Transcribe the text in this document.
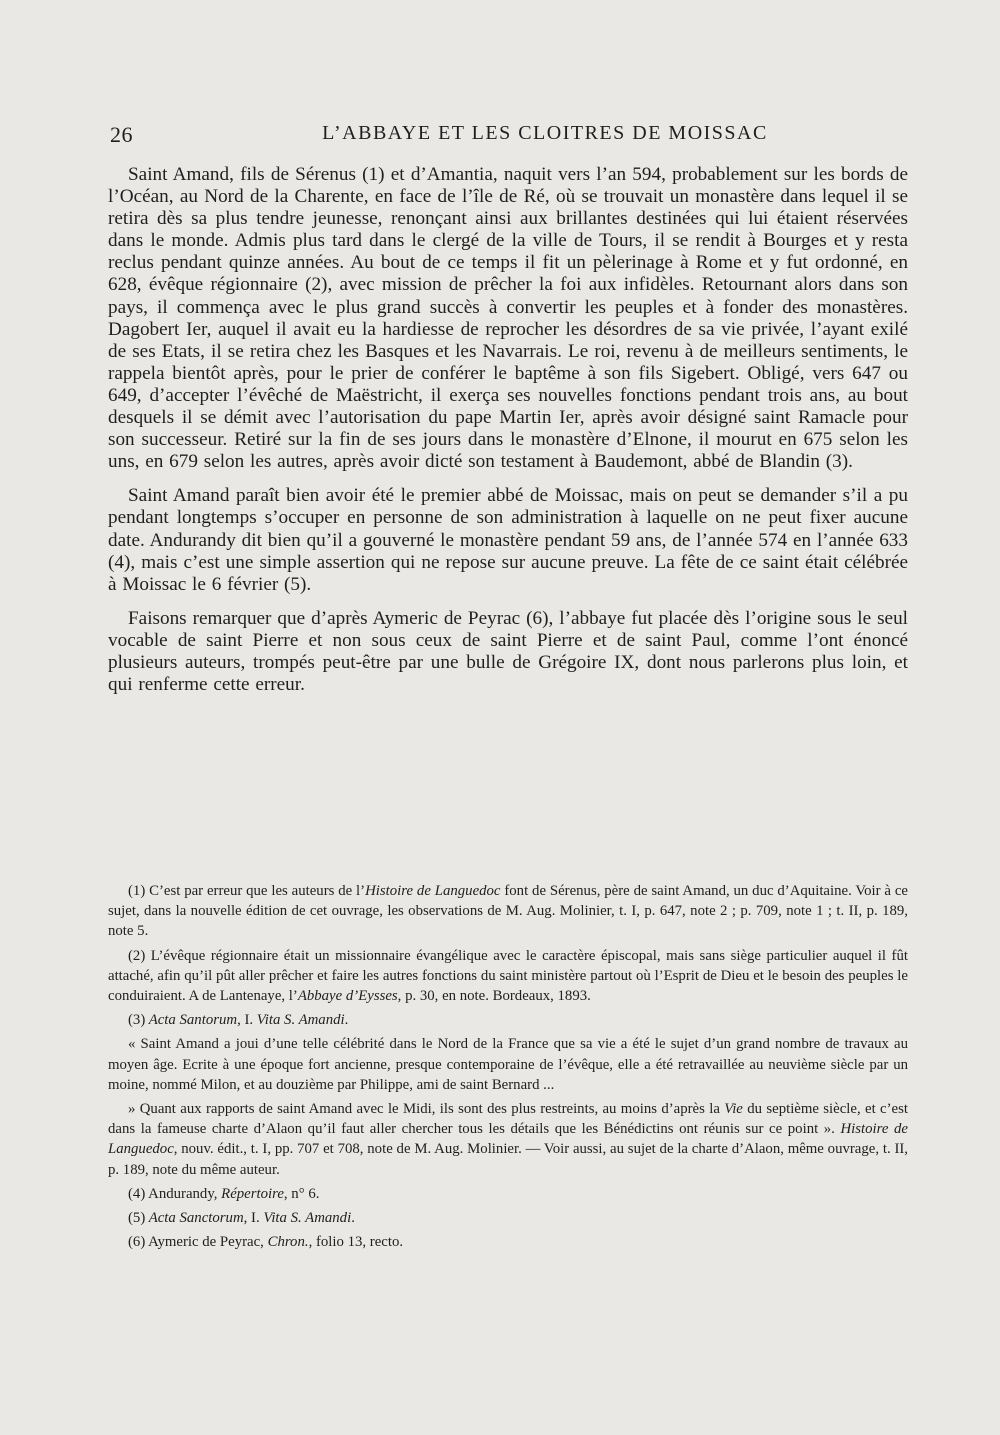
26	L’ABBAYE ET LES CLOITRES DE MOISSAC

Saint Amand, fils de Sérenus (1) et d’Amantia, naquit vers l’an 594, probablement sur les bords de l’Océan, au Nord de la Charente, en face de l’île de Ré, où se trouvait un monastère dans lequel il se retira dès sa plus tendre jeunesse, renonçant ainsi aux brillantes destinées qui lui étaient réservées dans le monde. Admis plus tard dans le clergé de la ville de Tours, il se rendit à Bourges et y resta reclus pendant quinze années. Au bout de ce temps il fit un pèlerinage à Rome et y fut ordonné, en 628, évêque régionnaire (2), avec mission de prêcher la foi aux infidèles. Retournant alors dans son pays, il commença avec le plus grand succès à convertir les peuples et à fonder des monastères. Dagobert Ier, auquel il avait eu la hardiesse de reprocher les désordres de sa vie privée, l’ayant exilé de ses Etats, il se retira chez les Basques et les Navarrais. Le roi, revenu à de meilleurs sentiments, le rappela bientôt après, pour le prier de conférer le baptême à son fils Sigebert. Obligé, vers 647 ou 649, d’accepter l’évêché de Maëstricht, il exerça ses nouvelles fonctions pendant trois ans, au bout desquels il se démit avec l’autorisation du pape Martin Ier, après avoir désigné saint Ramacle pour son successeur. Retiré sur la fin de ses jours dans le monastère d’Elnone, il mourut en 675 selon les uns, en 679 selon les autres, après avoir dicté son testament à Baudemont, abbé de Blandin (3).

Saint Amand paraît bien avoir été le premier abbé de Moissac, mais on peut se demander s’il a pu pendant longtemps s’occuper en personne de son administration à laquelle on ne peut fixer aucune date. Andurandy dit bien qu’il a gouverné le monastère pendant 59 ans, de l’année 574 en l’année 633 (4), mais c’est une simple assertion qui ne repose sur aucune preuve. La fête de ce saint était célébrée à Moissac le 6 février (5).

Faisons remarquer que d’après Aymeric de Peyrac (6), l’abbaye fut placée dès l’origine sous le seul vocable de saint Pierre et non sous ceux de saint Pierre et de saint Paul, comme l’ont énoncé plusieurs auteurs, trompés peut-être par une bulle de Grégoire IX, dont nous parlerons plus loin, et qui renferme cette erreur.

(1) C’est par erreur que les auteurs de l’Histoire de Languedoc font de Sérenus, père de saint Amand, un duc d’Aquitaine. Voir à ce sujet, dans la nouvelle édition de cet ouvrage, les observations de M. Aug. Molinier, t. I, p. 647, note 2 ; p. 709, note 1 ; t. II, p. 189, note 5.

(2) L’évêque régionnaire était un missionnaire évangélique avec le caractère épiscopal, mais sans siège particulier auquel il fût attaché, afin qu’il pût aller prêcher et faire les autres fonctions du saint ministère partout où l’Esprit de Dieu et le besoin des peuples le conduiraient. A de Lantenaye, l’Abbaye d’Eysses, p. 30, en note. Bordeaux, 1893.

(3) Acta Santorum, I. Vita S. Amandi.

« Saint Amand a joui d’une telle célébrité dans le Nord de la France que sa vie a été le sujet d’un grand nombre de travaux au moyen âge. Ecrite à une époque fort ancienne, presque contemporaine de l’évêque, elle a été retravaillée au neuvième siècle par un moine, nommé Milon, et au douzième par Philippe, ami de saint Bernard ...

» Quant aux rapports de saint Amand avec le Midi, ils sont des plus restreints, au moins d’après la Vie du septième siècle, et c’est dans la fameuse charte d’Alaon qu’il faut aller chercher tous les détails que les Bénédictins ont réunis sur ce point ». Histoire de Languedoc, nouv. édit., t. I, pp. 707 et 708, note de M. Aug. Molinier. — Voir aussi, au sujet de la charte d’Alaon, même ouvrage, t. II, p. 189, note du même auteur.

(4) Andurandy, Répertoire, n° 6.

(5) Acta Sanctorum, I. Vita S. Amandi.

(6) Aymeric de Peyrac, Chron., folio 13, recto.
